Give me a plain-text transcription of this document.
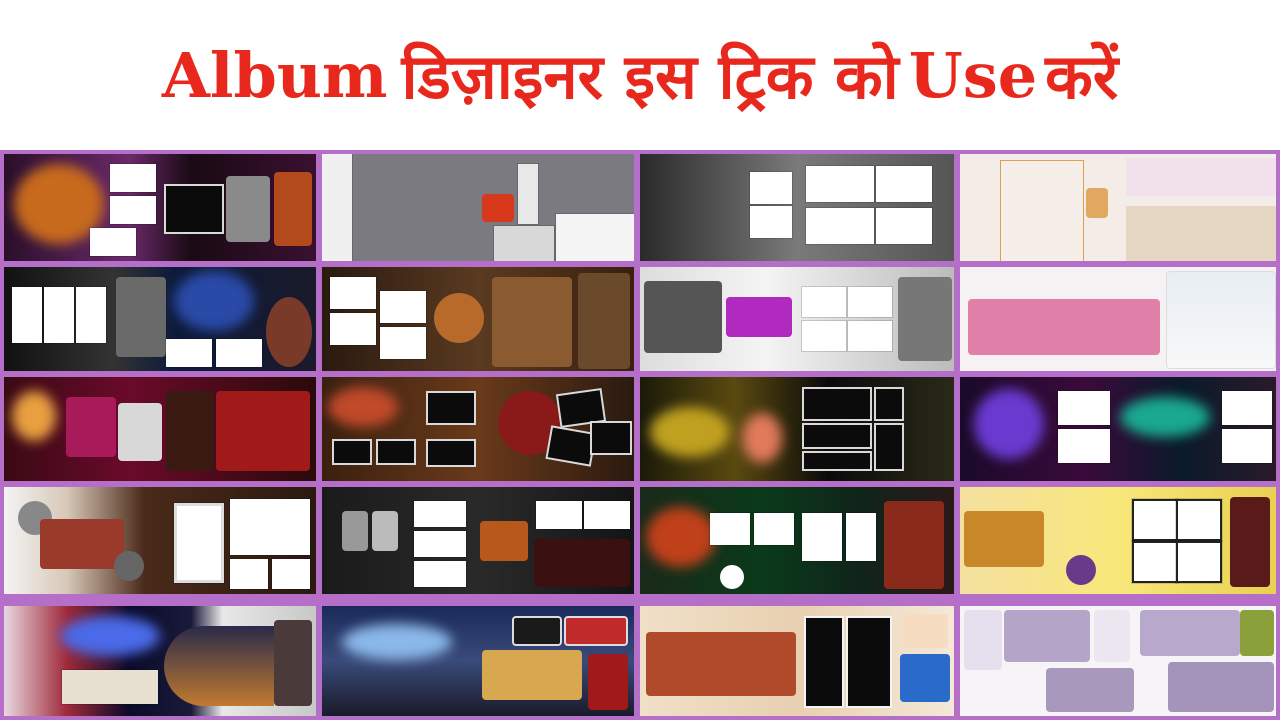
Album डिज़ाइनर इस ट्रिक को Use करें
